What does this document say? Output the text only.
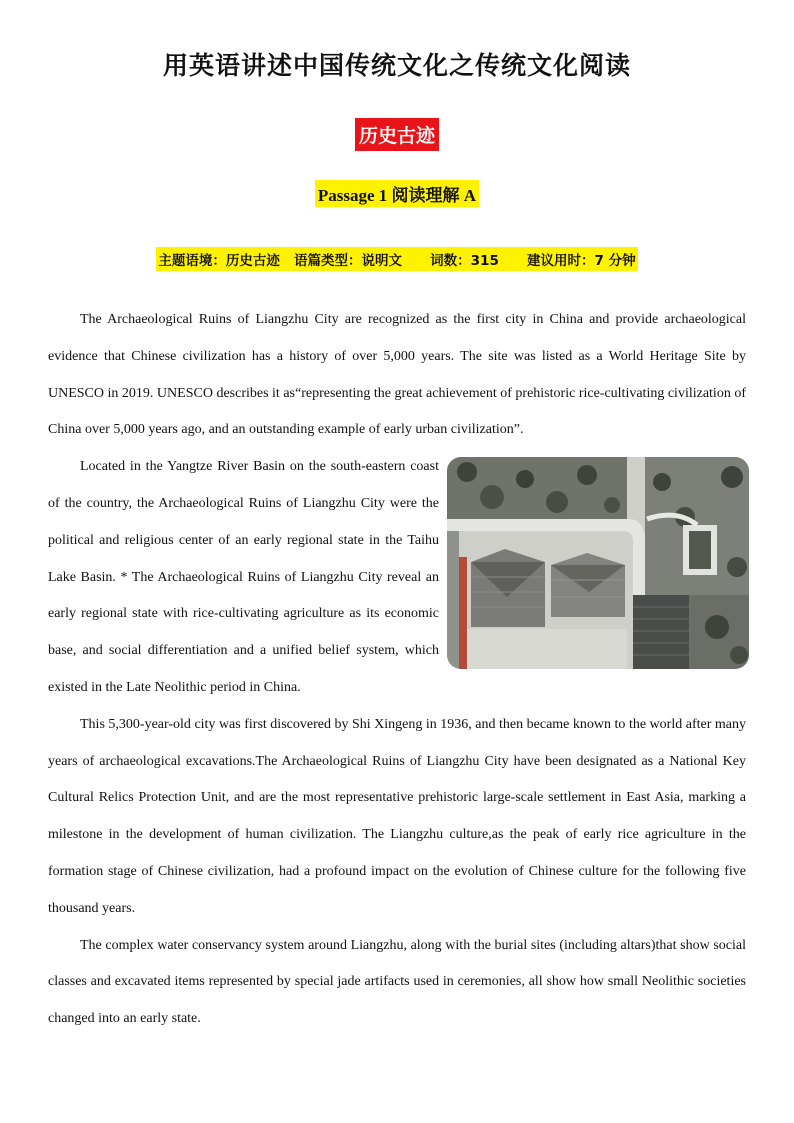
用英语讲述中国传统文化之传统文化阅读
历史古迹
Passage 1 阅读理解 A
主题语境：历史古迹   语篇类型：说明文      词数：315      建议用时：7 分钟

The Archaeological Ruins of Liangzhu City are recognized as the first city in China and provide archaeological evidence that Chinese civilization has a history of over 5,000 years. The site was listed as a World Heritage Site by UNESCO in 2019. UNESCO describes it as“representing the great achievement of prehistoric rice-cultivating civilization of China over 5,000 years ago, and an outstanding example of early urban civilization”.

Located in the Yangtze River Basin on the south-eastern coast of the country, the Archaeological Ruins of Liangzhu City were the political and religious center of an early regional state in the Taihu Lake Basin. * The Archaeological Ruins of Liangzhu City reveal an early regional state with rice-cultivating agriculture as its economic base, and social differentiation and a unified belief system, which existed in the Late Neolithic period in China.

This 5,300-year-old city was first discovered by Shi Xingeng in 1936, and then became known to the world after many years of archaeological excavations.The Archaeological Ruins of Liangzhu City have been designated as a National Key Cultural Relics Protection Unit, and are the most representative prehistoric large-scale settlement in East Asia, marking a milestone in the development of human civilization. The Liangzhu culture,as the peak of early rice agriculture in the formation stage of Chinese civilization, had a profound impact on the evolution of Chinese culture for the following five thousand years.

The complex water conservancy system around Liangzhu, along with the burial sites (including altars)that show social classes and excavated items represented by special jade artifacts used in ceremonies, all show how small Neolithic societies changed into an early state.
